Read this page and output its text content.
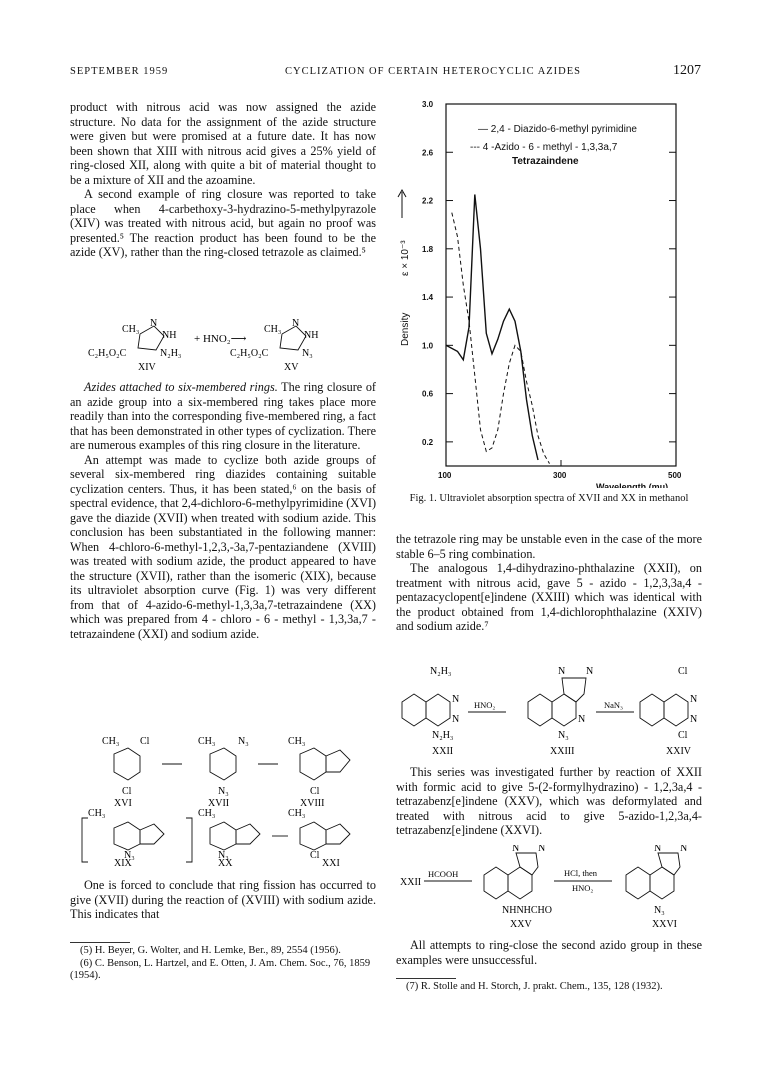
SEPTEMBER 1959	CYCLIZATION OF CERTAIN HETEROCYCLIC AZIDES	1207

product with nitrous acid was now assigned the azide structure. No data for the assignment of the azide structure were given but were promised at a future date. It has now been shown that XIII with nitrous acid gives a 25% yield of ring-closed XII, along with quite a bit of material thought to be a mixture of XII and the azoamine.

A second example of ring closure was reported to take place when 4-carbethoxy-3-hydrazino-5-methylpyrazole (XIV) was treated with nitrous acid, but again no proof was presented.⁵ The reaction product has been found to be the azide (XV), rather than the ring-closed tetrazole as claimed.⁵

CH₃
N
NH
C₂H₅O₂C	N₂H₃
+ HNO₂⟶
CH₃
N
NH
C₂H₅O₂C	N₃
XIV	XV

Azides attached to six-membered rings. The ring closure of an azide group into a six-membered ring takes place more readily than into the corresponding five-membered ring, a fact that has been demonstrated in other types of cyclization. There are numerous examples of this ring closure in the literature.

An attempt was made to cyclize both azide groups of several six-membered ring diazides containing suitable cyclization centers. Thus, it has been stated,⁶ on the basis of spectral evidence, that 2,4-dichloro-6-methylpyrimidine (XVI) gave the diazide (XVII) when treated with sodium azide. This conclusion has been substantiated in the following manner: When 4-chloro-6-methyl-1,2,3,-3a,7-pentaziandene (XVIII) was treated with sodium azide, the product appeared to have the structure (XVII), rather than the isomeric (XIX), because its ultraviolet absorption curve (Fig. 1) was very different from that of 4-azido-6-methyl-1,3,3a,7-tetrazaindene (XX) which was prepared from 4 - chloro - 6 - methyl - 1,3,3a,7 - tetrazaindene (XXI) and sodium azide.

CH₃ Cl	CH₃ N₃	CH₃
Cl	N₃	Cl
XVI	XVII	XVIII
CH₃	CH₃	CH₃
N₃	N₃	Cl
XIX	XX	XXI

One is forced to conclude that ring fission has occurred to give (XVII) during the reaction of (XVIII) with sodium azide. This indicates that

(5) H. Beyer, G. Wolter, and H. Lemke, Ber., 89, 2554 (1956).
(6) C. Benson, L. Hartzel, and E. Otten, J. Am. Chem. Soc., 76, 1859 (1954).
3.0
2.6
2.2
1.8
1.4
1.0
0.6
0.2
100	300	500
— 2,4 - Diazido-6-methyl pyrimidine
--- 4 -Azido - 6 - methyl - 1,3,3a,7
Tetrazaindene
Wavelength (mμ)
Density
ε × 10⁻³
Fig. 1. Ultraviolet absorption spectra of XVII and XX in methanol

the tetrazole ring may be unstable even in the case of the more stable 6–5 ring combination.

The analogous 1,4-dihydrazino-phthalazine (XXII), on treatment with nitrous acid, gave 5 - azido - 1,2,3,3a,4 - pentazacyclopent[e]indene (XXIII) which was identical with the product obtained from 1,4-dichlorophthalazine (XXIV) and sodium azide.⁷

N₂H₃	N N	Cl
N
N
HNO₂	NaN₃
N
N
N
N₂H₃	N₃	Cl
XXII	XXIII	XXIV

This series was investigated further by reaction of XXII with formic acid to give 5-(2-formylhydrazino) - 1,2,3a,4 - tetrazabenz[e]indene (XXV), which was deformylated and treated with nitrous acid to give 5-azido-1,2,3a,4-tetrazabenz[e]indene (XXVI).

XXII
HCOOH	HCl, then
HNO₂
N N	N N
NHNHCHO	N₃
XXV	XXVI

All attempts to ring-close the second azido group in these examples were unsuccessful.

(7) R. Stolle and H. Storch, J. prakt. Chem., 135, 128 (1932).
